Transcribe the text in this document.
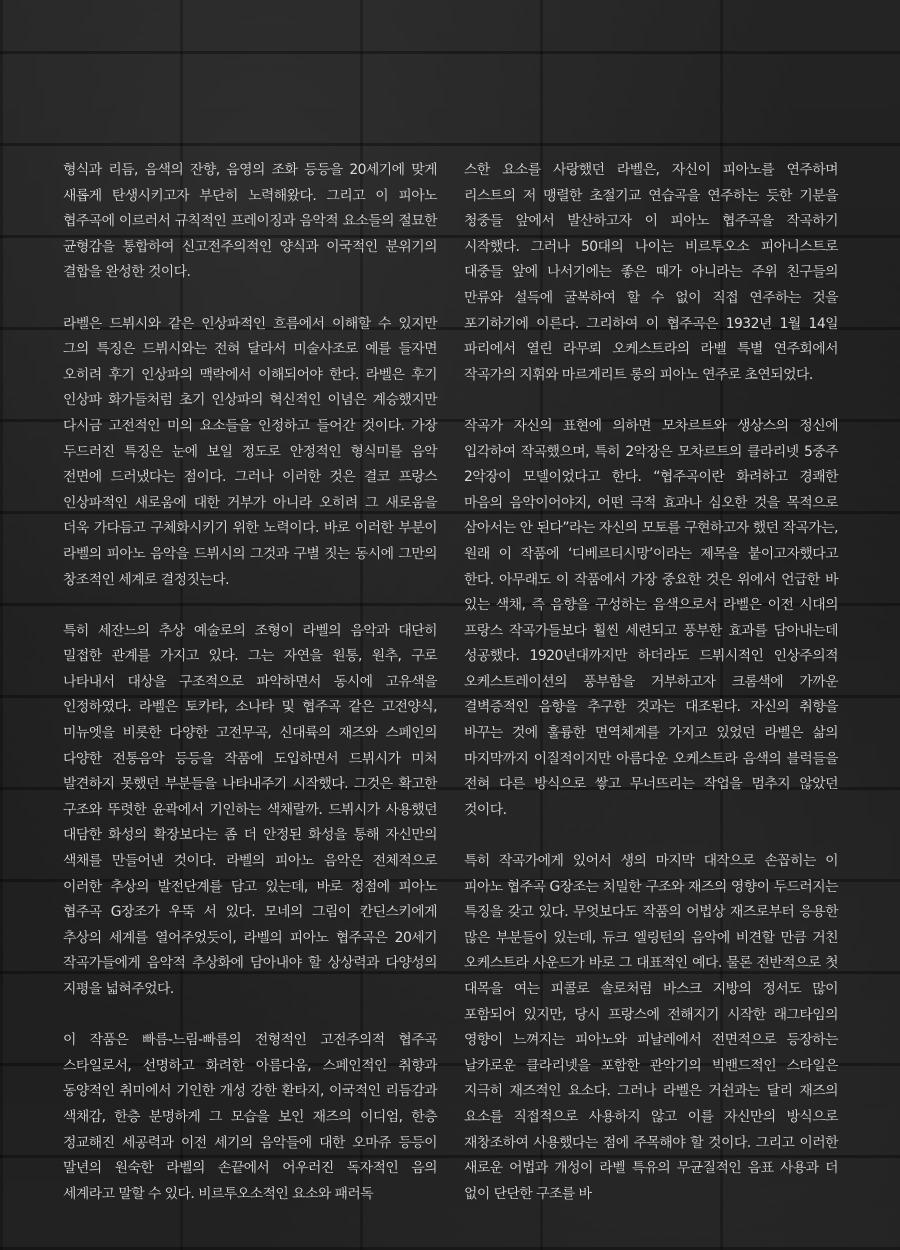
형식과 리듬, 음색의 잔향, 음영의 조화 등등을 20세기에 맞게 새롭게 탄생시키고자 부단히 노력해왔다. 그리고 이 피아노 협주곡에 이르러서 규칙적인 프레이징과 음악적 요소들의 절묘한 균형감을 통합하여 신고전주의적인 양식과 이국적인 분위기의 결합을 완성한 것이다.

라벨은 드뷔시와 같은 인상파적인 흐름에서 이해할 수 있지만 그의 특징은 드뷔시와는 전혀 달라서 미술사조로 예를 들자면 오히려 후기 인상파의 맥락에서 이해되어야 한다. 라벨은 후기 인상파 화가들처럼 초기 인상파의 혁신적인 이념은 계승했지만 다시금 고전적인 미의 요소들을 인정하고 들어간 것이다. 가장 두드러진 특징은 눈에 보일 정도로 안정적인 형식미를 음악 전면에 드러냈다는 점이다. 그러나 이러한 것은 결코 프랑스 인상파적인 새로움에 대한 거부가 아니라 오히려 그 새로움을 더욱 가다듬고 구체화시키기 위한 노력이다. 바로 이러한 부분이 라벨의 피아노 음악을 드뷔시의 그것과 구별 짓는 동시에 그만의 창조적인 세계로 결정짓는다.

특히 세잔느의 추상 예술로의 조형이 라벨의 음악과 대단히 밀접한 관계를 가지고 있다. 그는 자연을 원통, 원추, 구로 나타내서 대상을 구조적으로 파악하면서 동시에 고유색을 인정하였다. 라벨은 토카타, 소나타 및 협주곡 같은 고전양식, 미뉴엣을 비롯한 다양한 고전무곡, 신대륙의 재즈와 스페인의 다양한 전통음악 등등을 작품에 도입하면서 드뷔시가 미처 발견하지 못했던 부분들을 나타내주기 시작했다. 그것은 확고한 구조와 뚜렷한 윤곽에서 기인하는 색채랄까. 드뷔시가 사용했던 대담한 화성의 확장보다는 좀 더 안정된 화성을 통해 자신만의 색채를 만들어낸 것이다. 라벨의 피아노 음악은 전체적으로 이러한 추상의 발전단계를 담고 있는데, 바로 정점에 피아노 협주곡 G장조가 우뚝 서 있다. 모네의 그림이 칸딘스키에게 추상의 세계를 열어주었듯이, 라벨의 피아노 협주곡은 20세기 작곡가들에게 음악적 추상화에 담아내야 할 상상력과 다양성의 지평을 넓혀주었다.

이 작품은 빠름-느림-빠름의 전형적인 고전주의적 협주곡 스타일로서, 선명하고 화려한 아름다움, 스페인적인 취향과 동양적인 취미에서 기인한 개성 강한 환타지, 이국적인 리듬감과 색채감, 한층 분명하게 그 모습을 보인 재즈의 이디엄, 한층 정교해진 세공력과 이전 세기의 음악들에 대한 오마쥬 등등이 말년의 원숙한 라벨의 손끝에서 어우러진 독자적인 음의 세계라고 말할 수 있다. 비르투오소적인 요소와 패러독

스한 요소를 사랑했던 라벨은, 자신이 피아노를 연주하며 리스트의 저 맹렬한 초절기교 연습곡을 연주하는 듯한 기분을 청중들 앞에서 발산하고자 이 피아노 협주곡을 작곡하기 시작했다. 그러나 50대의 나이는 비르투오소 피아니스트로 대중들 앞에 나서기에는 좋은 때가 아니라는 주위 친구들의 만류와 설득에 굴복하여 할 수 없이 직접 연주하는 것을 포기하기에 이른다. 그리하여 이 협주곡은 1932년 1월 14일 파리에서 열린 라무뢰 오케스트라의 라벨 특별 연주회에서 작곡가의 지휘와 마르게리트 롱의 피아노 연주로 초연되었다.

작곡가 자신의 표현에 의하면 모차르트와 생상스의 정신에 입각하여 작곡했으며, 특히 2악장은 모차르트의 클라리넷 5중주 2악장이 모델이었다고 한다. “협주곡이란 화려하고 경쾌한 마음의 음악이어야지, 어떤 극적 효과나 심오한 것을 목적으로 삼아서는 안 된다”라는 자신의 모토를 구현하고자 했던 작곡가는, 원래 이 작품에 ‘디베르티시망’이라는 제목을 붙이고자했다고 한다. 아무래도 이 작품에서 가장 중요한 것은 위에서 언급한 바 있는 색채, 즉 음향을 구성하는 음색으로서 라벨은 이전 시대의 프랑스 작곡가들보다 훨씬 세련되고 풍부한 효과를 담아내는데 성공했다. 1920년대까지만 하더라도 드뷔시적인 인상주의적 오케스트레이션의 풍부함을 거부하고자 크롬색에 가까운 결벽증적인 음향을 추구한 것과는 대조된다. 자신의 취향을 바꾸는 것에 훌륭한 면역체계를 가지고 있었던 라벨은 삶의 마지막까지 이질적이지만 아름다운 오케스트라 음색의 블럭들을 전혀 다른 방식으로 쌓고 무너뜨리는 작업을 멈추지 않았던 것이다.

특히 작곡가에게 있어서 생의 마지막 대작으로 손꼽히는 이 피아노 협주곡 G장조는 치밀한 구조와 재즈의 영향이 두드러지는 특징을 갖고 있다. 무엇보다도 작품의 어법상 재즈로부터 응용한 많은 부분들이 있는데, 듀크 엘링턴의 음악에 비견할 만큼 거친 오케스트라 사운드가 바로 그 대표적인 예다. 물론 전반적으로 첫 대목을 여는 피콜로 솔로처럼 바스크 지방의 정서도 많이 포함되어 있지만, 당시 프랑스에 전해지기 시작한 래그타임의 영향이 느껴지는 피아노와 피날레에서 전면적으로 등장하는 날카로운 클라리넷을 포함한 관악기의 빅밴드적인 스타일은 지극히 재즈적인 요소다. 그러나 라벨은 거쉰과는 달리 재즈의 요소를 직접적으로 사용하지 않고 이를 자신만의 방식으로 재창조하여 사용했다는 점에 주목해야 할 것이다. 그리고 이러한 새로운 어법과 개성이 라벨 특유의 무균질적인 음표 사용과 더 없이 단단한 구조를 바
